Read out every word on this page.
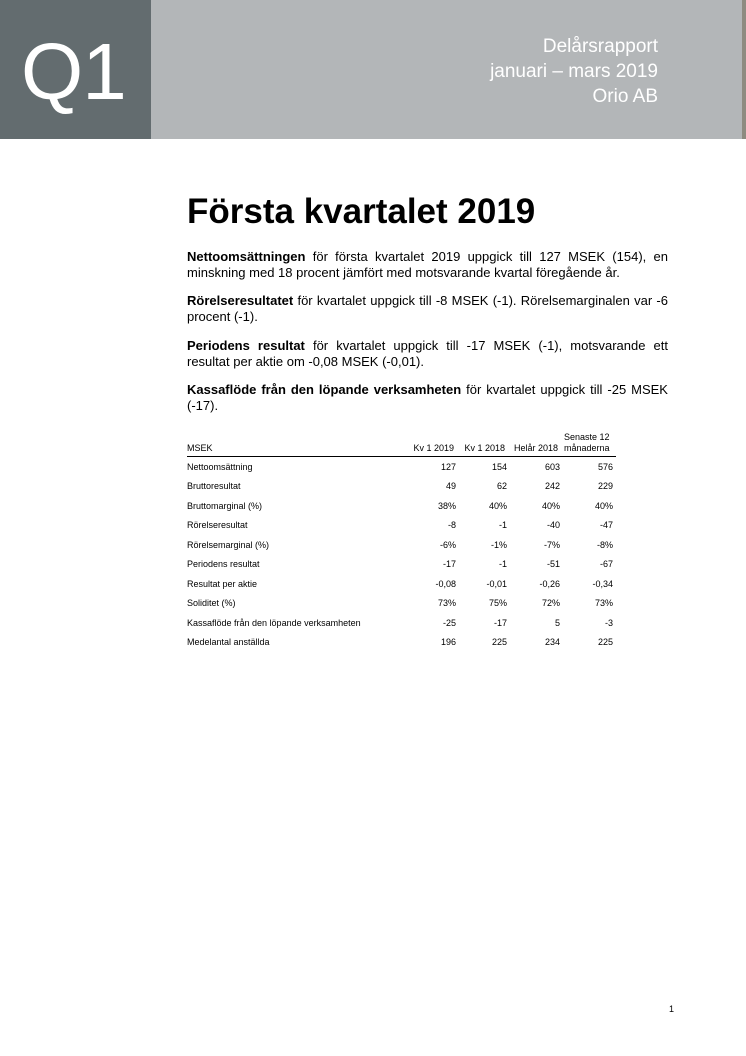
Q1	Delårsrapport
januari – mars 2019
Orio AB
Första kvartalet 2019

Nettoomsättningen för första kvartalet 2019 uppgick till 127 MSEK (154), en minskning med 18 procent jämfört med motsvarande kvartal föregående år.

Rörelseresultatet för kvartalet uppgick till -8 MSEK (-1). Rörelsemarginalen var -6 procent (-1).

Periodens resultat för kvartalet uppgick till -17 MSEK (-1), motsvarande ett resultat per aktie om -0,08 MSEK (-0,01).

Kassaflöde från den löpande verksamheten för kvartalet uppgick till -25 MSEK (-17).

MSEK	Kv 1 2019	Kv 1 2018	Helår 2018	Senaste 12 månaderna
Nettoomsättning	127	154	603	576
Bruttoresultat	49	62	242	229
Bruttomarginal (%)	38%	40%	40%	40%
Rörelseresultat	-8	-1	-40	-47
Rörelsemarginal (%)	-6%	-1%	-7%	-8%
Periodens resultat	-17	-1	-51	-67
Resultat per aktie	-0,08	-0,01	-0,26	-0,34
Soliditet (%)	73%	75%	72%	73%
Kassaflöde från den löpande verksamheten	-25	-17	5	-3
Medelantal anställda	196	225	234	225
1
